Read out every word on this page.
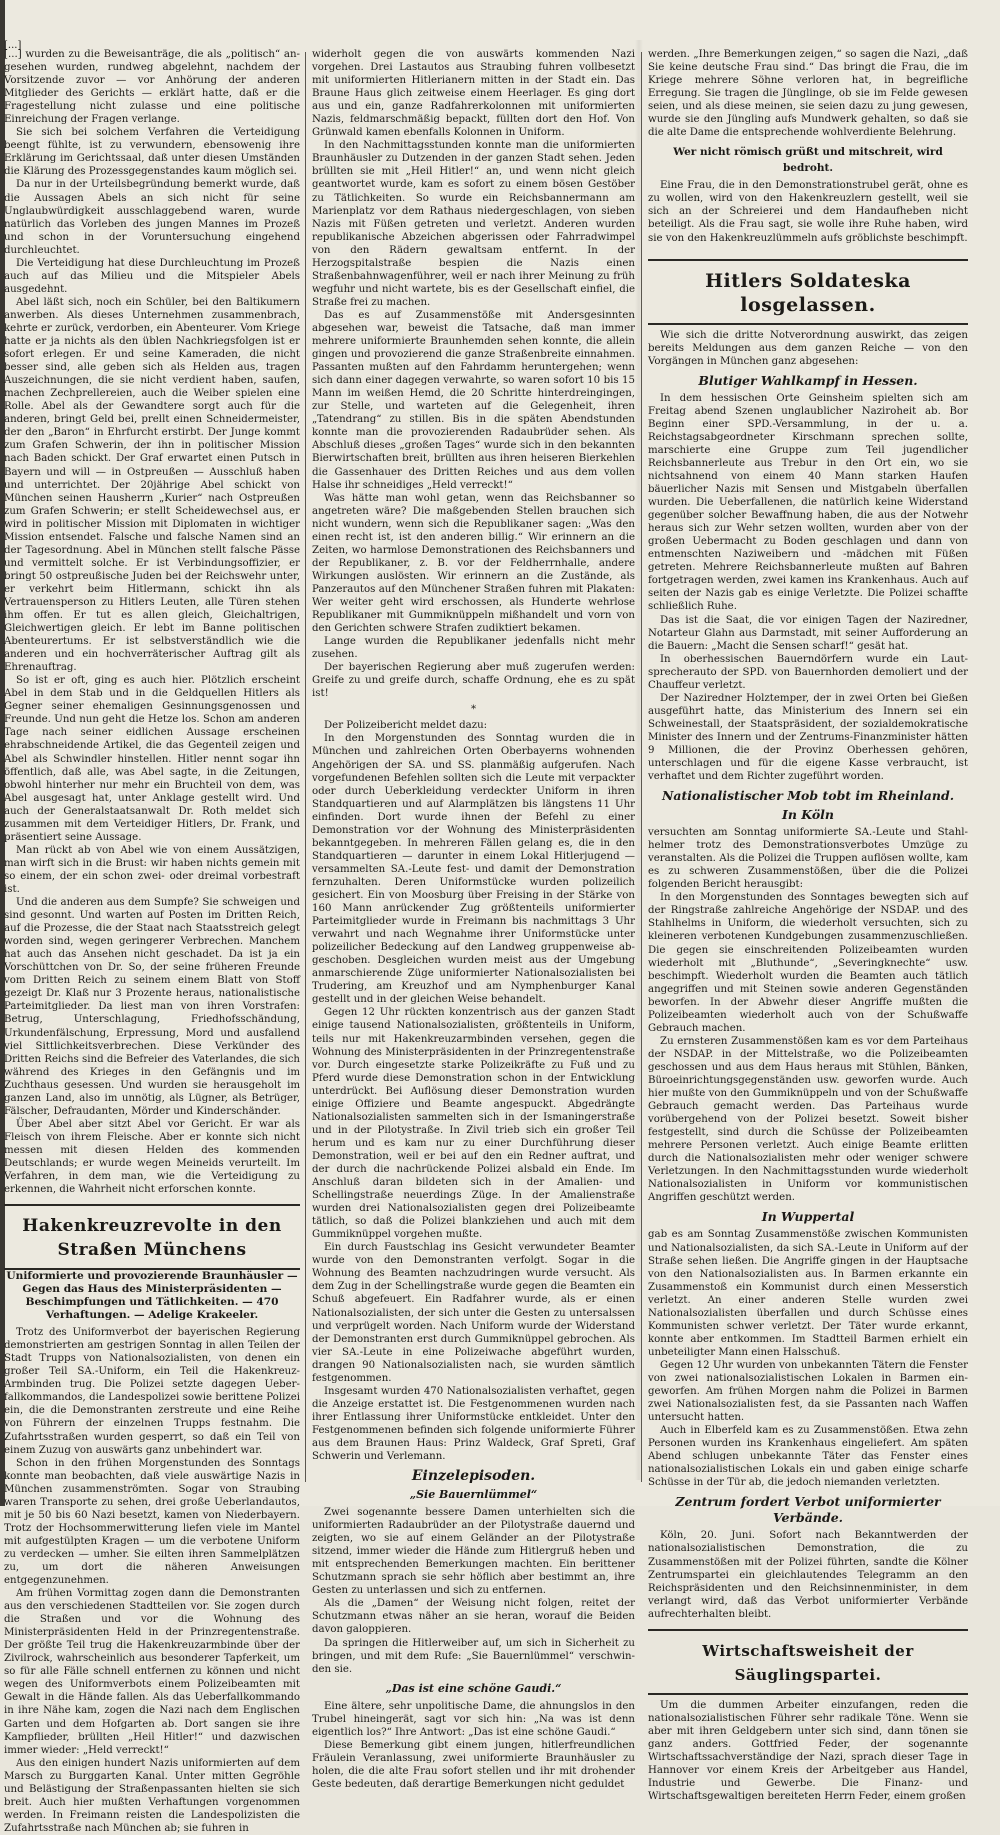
[...] wurden zu die Beweisanträge, die als „politisch“ angesehen wurden, rundweg abgelehnt, nachdem der Vorsitzende zuvor — vor Anhörung der anderen Mitglieder des Gerichts — erklärt hatte, daß er die Fragestellung nicht zulasse und eine politische Einreichung der Fragen verlange.

Sie sich bei solchem Verfahren die Verteidigung beengt fühlte, ist zu verwundern, ebensowenig ihre Erklärung im Gerichtssaal, daß unter diesen Umständen die Klärung des Prozessgegenstandes kaum möglich sei.

Da nur in der Urteilsbegründung bemerkt wurde, daß die Aussagen Abels an sich nicht für seine Unglaubwürdigkeit ausschlaggebend waren, wurde natürlich das Vorleben des jungen Mannes im Prozeß und schon in der Voruntersuchung eingehend durchleuchtet.

Die Verteidigung hat diese Durchleuchtung im Prozeß auch auf das Milieu und die Mitspieler Abels ausgedehnt.

Abel läßt sich, noch ein Schüler, bei den Baltikumern anwerben. Als dieses Unternehmen zusammenbrach, kehrte er zurück, verdorben, ein Abenteurer. Vom Kriege hatte er ja nichts als den üblen Nachkriegsfolgen ist er sofort erlegen. Er und seine Kameraden, die nicht besser sind, alle geben sich als Helden aus, tragen Auszeichnungen, die sie nicht verdient haben, saufen, machen Zechprellereien, auch die Weiber spielen eine Rolle. Abel als der Gewandtere sorgt auch für die anderen, bringt Geld bei, prellt einen Schneidermeister, der den „Baron“ in Ehrfurcht erstirbt. Der Junge kommt zum Grafen Schwerin, der ihn in politischer Mission nach Baden schickt. Der Graf erwartet einen Putsch in Bayern und will — in Ostpreußen — Ausschluß haben und unterrichtet. Der 20jährige Abel schickt von München seinen Hausherrn „Kurier“ nach Ostpreußen zum Grafen Schwerin; er stellt Scheidewechsel aus, er wird in politischer Mission mit Diplomaten in wichtiger Mission entsendet. Falsche und falsche Namen sind an der Tagesordnung. Abel in München stellt falsche Pässe und vermittelt solche. Er ist Verbindungsoffizier, er bringt 50 ostpreußische Juden bei der Reichswehr unter, er verkehrt beim Hitlermann, schickt ihn als Vertrauensperson zu Hitlers Leuten, alle Türen stehen ihm offen. Er tut es allen gleich, Gleichaltrigen, Gleichwertigen gleich. Er lebt im Banne politischen Abenteurertums. Er ist selbstverständlich wie die anderen und ein hochverräterischer Auftrag gilt als Ehrenauftrag.

So ist er oft, ging es auch hier. Plötzlich erscheint Abel in dem Stab und in die Geldquellen Hitlers als Gegner seiner ehemaligen Gesinnungsgenossen und Freunde. Und nun geht die Hetze los. Schon am anderen Tage nach seiner eidlichen Aussage erscheinen ehrabschneidende Artikel, die das Gegenteil zeigen und Abel als Schwindler hinstellen. Hitler nennt sogar ihn öffentlich, daß alle, was Abel sagte, in die Zeitungen, obwohl hinterher nur mehr ein Bruchteil von dem, was Abel ausgesagt hat, unter Anklage gestellt wird. Und auch der Generalstaatsanwalt Dr. Roth meldet sich zusammen mit dem Verteidiger Hitlers, Dr. Frank, und präsentiert seine Aussage.

Man rückt ab von Abel wie von einem Aussätzigen, man wirft sich in die Brust: wir haben nichts gemein mit so einem, der ein schon zwei- oder dreimal vorbestraft ist.

Und die anderen aus dem Sumpfe? Sie schweigen und sind gesonnt. Und warten auf Posten im Dritten Reich, auf die Prozesse, die der Staat nach Staatsstreich gelegt worden sind, wegen geringerer Verbrechen. Manchem hat auch das Ansehen nicht geschadet. Da ist ja ein Vorschüttchen von Dr. So, der seine früheren Freunde vom Dritten Reich zu seinem einem Blatt von Stoff gezeigt Dr. Klaß nur 3 Prozente heraus, nationalistische Parteimitglieder. Da liest man von ihren Vorstrafen: Betrug, Unterschlagung, Friedhofsschändung, Urkundenfälschung, Erpressung, Mord und ausfallend viel Sittlichkeitsverbrechen. Diese Verkünder des Dritten Reichs sind die Befreier des Vaterlandes, die sich während des Krieges in den Gefängnis und im Zuchthaus gesessen. Und wurden sie herausgeholt im ganzen Land, also im unnötig, als Lügner, als Betrüger, Fälscher, Defraudanten, Mörder und Kinderschänder.

Über Abel aber sitzt Abel vor Gericht. Er war als Fleisch von ihrem Fleische. Aber er konnte sich nicht messen mit diesen Helden des kommenden Deutschlands; er wurde wegen Meineids verurteilt. Im Verfahren, in dem man, wie die Verteidigung zu erkennen, die Wahrheit nicht erforschen konnte.

Hakenkreuzrevolte in den Straßen Münchens
Uniformierte und provozierende Braunhäusler — Gegen das Haus des Ministerpräsidenten — Beschimpfungen und Tätlichkeiten. — 470 Verhaftungen. — Adelige Krakeeler.

Trotz des Uniformverbot der bayerischen Regierung demonstrierten am gestrigen Sonntag in allen Teilen der Stadt Trupps von Nationalsozialisten, von denen ein großer Teil SA.-Uniform, ein Teil die Hakenkreuz-Armbinden trug. Die Polizei setzte dagegen Ueberfallkommandos, die Landespolizei sowie berittene Polizei ein, die die Demonstranten zerstreute und eine Reihe von Führern der einzelnen Trupps festnahm. Die Zufahrtsstraßen wurden gesperrt, so daß ein Teil von einem Zuzug von auswärts ganz unbehindert war.

Schon in den frühen Morgenstunden des Sonntags konnte man beobachten, daß viele auswärtige Nazis in München zusammenströmten. Sogar von Straubing waren Transporte zu sehen, drei große Ueberlandautos, mit je 50 bis 60 Nazi besetzt, kamen von Niederbayern. Trotz der Hochsommerwitterung liefen viele im Mantel mit aufgestülpten Kragen — um die verbotene Uniform zu verdecken — umher. Sie eilten ihren Sammelplätzen zu, um dort die näheren Anweisungen entgegenzunehmen.

Am frühen Vormittag zogen dann die Demonstranten aus den verschiedenen Stadtteilen vor. Sie zogen durch die Straßen und vor die Wohnung des Ministerpräsidenten Held in der Prinzregentenstraße. Der größte Teil trug die Hakenkreuzarmbinde über der Zivilrock, wahrscheinlich aus besonderer Tapferkeit, um so für alle Fälle schnell entfernen zu können und nicht wegen des Uniformverbots einem Polizeibeamten mit Gewalt in die Hände fallen. Als das Ueberfallkommando in ihre Nähe kam, zogen die Nazi nach dem Englischen Garten und dem Hofgarten ab. Dort sangen sie ihre Kampflieder, brüllten „Heil Hitler!“ und dazwischen immer wieder: „Held verreckt!“

Aus den einigen hundert Nazis uniformierten auf dem Marsch zu Burggarten Kanal. Unter mitten Gegröhle und Belästigung der Straßenpassanten hielten sie sich breit. Auch hier mußten Verhaftungen vorgenommen werden. In Freimann reisten die Landespolizisten die Zufahrtsstraße nach München ab; sie fuhren in

widerholt gegen die von auswärts kommenden Nazi vorgehen. Drei Lastautos aus Straubing fuhren vollbesetzt mit uniformierten Hitlerianern mitten in der Stadt ein. Das Braune Haus glich zeitweise einem Heerlager. Es ging dort aus und ein, ganze Radfahrerkolonnen mit uniformierten Nazis, feldmarschmäßig bepackt, füllten dort den Hof. Von Grünwald kamen ebenfalls Kolonnen in Uniform.

In den Nachmittagsstunden konnte man die uniformierten Braunhäusler zu Dutzenden in der ganzen Stadt sehen. Jeden brüllten sie mit „Heil Hitler!“ an, und wenn nicht gleich geantwortet wurde, kam es sofort zu einem bösen Gestöber zu Tätlichkeiten. So wurde ein Reichsbannermann am Marienplatz vor dem Rathaus niedergeschlagen, von sieben Nazis mit Füßen getreten und verletzt. Anderen wurden republikanische Abzeichen abgerissen oder Fahrradwimpel von den Rädern gewaltsam entfernt. In der Herzogspitalstraße bespien die Nazis einen Straßenbahnwagenführer, weil er nach ihrer Meinung zu früh wegfuhr und nicht wartete, bis es der Gesellschaft einfiel, die Straße frei zu machen.

Das es auf Zusammenstöße mit Andersgesinnten abgesehen war, beweist die Tatsache, daß man immer mehrere uniformierte Braunhemden sehen konnte, die allein gingen und provozierend die ganze Straßenbreite einnahmen. Passanten mußten auf den Fahrdamm heruntergehen; wenn sich dann einer dagegen verwahrte, so waren sofort 10 bis 15 Mann im weißen Hemd, die 20 Schritte hinterdreingingen, zur Stelle, und warteten auf die Gelegenheit, ihren „Tatendrang“ zu stillen. Bis in die späten Abendstunden konnte man die provozierenden Radaubrüder sehen. Als Abschluß dieses „großen Tages“ wurde sich in den bekannten Bierwirtschaften breit, brüllten aus ihren heiseren Bierkehlen die Gassenhauer des Dritten Reiches und aus dem vollen Halse ihr schneidiges „Held verreckt!“

Was hätte man wohl getan, wenn das Reichsbanner so angetreten wäre? Die maßgebenden Stellen brauchen sich nicht wundern, wenn sich die Republikaner sagen: „Was den einen recht ist, ist den anderen billig.“ Wir erinnern an die Zeiten, wo harmlose Demonstrationen des Reichsbanners und der Republikaner, z. B. vor der Feldherrnhalle, andere Wirkungen auslösten. Wir erinnern an die Zustände, als Panzerautos auf den Münchener Straßen fuhren mit Plakaten: Wer weiter geht wird erschossen, als Hunderte wehrlose Republikaner mit Gummiknüppeln mißhandelt und vorn von den Gerichten schwere Strafen zudiktiert bekamen.

Lange wurden die Republikaner jedenfalls nicht mehr zusehen.

Der bayerischen Regierung aber muß zugerufen werden: Greife zu und greife durch, schaffe Ordnung, ehe es zu spät ist!

*

Der Polizeibericht meldet dazu:

In den Morgenstunden des Sonntag wurden die in München und zahlreichen Orten Oberbayerns wohnenden Angehörigen der SA. und SS. planmäßig aufgerufen. Nach vorgefundenen Befehlen sollten sich die Leute mit verpackter oder durch Ueberkleidung verdeckter Uniform in ihren Standquartieren und auf Alarmplätzen bis längstens 11 Uhr einfinden. Dort wurde ihnen der Befehl zu einer Demonstration vor der Wohnung des Ministerpräsidenten bekanntgegeben. In mehreren Fällen gelang es, die in den Standquartieren — darunter in einem Lokal Hitlerjugend — versammelten SA.-Leute fest- und damit der Demonstration fernzuhalten. Deren Uniformstücke wurden polizeilich gesichert. Ein von Moosburg über Freising in der Stärke von 160 Mann anrückender Zug größtenteils uniformierter Parteimitglieder wurde in Freimann bis nachmittags 3 Uhr verwahrt und nach Wegnahme ihrer Uniformstücke unter polizeilicher Bedeckung auf den Landweg gruppenweise abgeschoben. Desgleichen wurden meist aus der Umgebung anmarschierende Züge uniformierter Nationalsozialisten bei Trudering, am Kreuzhof und am Nymphenburger Kanal gestellt und in der gleichen Weise behandelt.

Gegen 12 Uhr rückten konzentrisch aus der ganzen Stadt einige tausend Nationalsozialisten, größtenteils in Uniform, teils nur mit Hakenkreuzarmbinden versehen, gegen die Wohnung des Ministerpräsidenten in der Prinzregentenstraße vor. Durch eingesetzte starke Polizeikräfte zu Fuß und zu Pferd wurde diese Demonstration schon in der Entwicklung unterdrückt. Bei Auflösung dieser Demonstration wurden einige Offiziere und Beamte angespuckt. Abgedrängte Nationalsozialisten sammelten sich in der Ismaningerstraße und in der Pilotystraße. In Zivil trieb sich ein großer Teil herum und es kam nur zu einer Durchführung dieser Demonstration, weil er bei auf den ein Redner auftrat, und der durch die nachrückende Polizei alsbald ein Ende. Im Anschluß daran bildeten sich in der Amalien- und Schellingstraße neuerdings Züge. In der Amalienstraße wurden drei Nationalsozialisten gegen drei Polizeibeamte tätlich, so daß die Polizei blankziehen und auch mit dem Gummiknüppel vorgehen mußte.

Ein durch Faustschlag ins Gesicht verwundeter Beamter wurde von den Demonstranten verfolgt. Sogar in die Wohnung des Beamten nachzudringen wurde versucht. Als dem Zug in der Schellingstraße wurde gegen die Beamten ein Schuß abgefeuert. Ein Radfahrer wurde, als er einen Nationalsozialisten, der sich unter die Gesten zu untersalssen und verprügelt worden. Nach Uniform wurde der Widerstand der Demonstranten erst durch Gummiknüppel gebrochen. Als vier SA.-Leute in eine Polizeiwache abgeführt wurden, drangen 90 Nationalsozialisten nach, sie wurden sämtlich festgenommen.

Insgesamt wurden 470 Nationalsozialisten verhaftet, gegen die Anzeige erstattet ist. Die Festgenommenen wurden nach ihrer Entlassung ihrer Uniformstücke entkleidet. Unter den Festgenommenen befinden sich folgende uniformierte Führer aus dem Braunen Haus: Prinz Waldeck, Graf Spreti, Graf Schwerin und Verlemann.

Einzelepisoden.
„Sie Bauernlümmel“

Zwei sogenannte bessere Damen unterhielten sich die uniformierten Radaubrüder an der Pilotystraße dauernd und zeigten, wo sie auf einem Geländer an der Pilotystraße sitzend, immer wieder die Hände zum Hitlergruß heben und mit entsprechenden Bemerkungen machten. Ein berittener Schutzmann sprach sie sehr höflich aber bestimmt an, ihre Gesten zu unterlassen und sich zu entfernen.

Als die „Damen“ der Weisung nicht folgen, reitet der Schutzmann etwas näher an sie heran, worauf die Beiden davon galoppieren.

Da springen die Hitlerweiber auf, um sich in Sicherheit zu bringen, und mit dem Rufe: „Sie Bauernlümmel“ verschwinden sie.

„Das ist eine schöne Gaudi.“

Eine ältere, sehr unpolitische Dame, die ahnungslos in den Trubel hineingerät, sagt vor sich hin: „Na was ist denn eigentlich los?“ Ihre Antwort: „Das ist eine schöne Gaudi.“

Diese Bemerkung gibt einem jungen, hitlerfreundlichen Fräulein Veranlassung, zwei uniformierte Braunhäusler zu holen, die die alte Frau sofort stellen und ihr mit drohender Geste bedeuten, daß derartige Bemerkungen nicht geduldet

werden. „Ihre Bemerkungen zeigen,“ so sagen die Nazi, „daß Sie keine deutsche Frau sind.“ Das bringt die Frau, die im Kriege mehrere Söhne verloren hat, in begreifliche Erregung. Sie tragen die Jünglinge, ob sie im Felde gewesen seien, und als diese meinen, sie seien dazu zu jung gewesen, wurde sie den Jüngling aufs Mundwerk gehalten, so daß sie die alte Dame die entsprechende wohlverdiente Belehrung.

Wer nicht römisch grüßt und mitschreit, wird bedroht.

Eine Frau, die in den Demonstrationstrubel gerät, ohne es zu wollen, wird von den Hakenkreuzlern gestellt, weil sie sich an der Schreierei und dem Handaufheben nicht beteiligt. Als die Frau sagt, sie wolle ihre Ruhe haben, wird sie von den Hakenkreuzlümmeln aufs gröblichste beschimpft.

Hitlers Soldateska losgelassen.

Wie sich die dritte Notverordnung auswirkt, das zeigen bereits Meldungen aus dem ganzen Reiche — von den Vorgängen in München ganz abgesehen:

Blutiger Wahlkampf in Hessen.

In dem hessischen Orte Geinsheim spielten sich am Freitag abend Szenen unglaublicher Naziroheit ab. Bor Beginn einer SPD.-Versammlung, in der u. a. Reichstagsabgeordneter Kirschmann sprechen sollte, marschierte eine Gruppe zum Teil jugendlicher Reichsbannerleute aus Trebur in den Ort ein, wo sie nichtsahnend von einem 40 Mann starken Haufen bäuerlicher Nazis mit Sensen und Mistgabeln überfallen wurden. Die Ueberfallenen, die natürlich keine Widerstand gegenüber solcher Bewaffnung haben, die aus der Notwehr heraus sich zur Wehr setzen wollten, wurden aber von der großen Uebermacht zu Boden geschlagen und dann von entmenschten Naziweibern und -mädchen mit Füßen getreten. Mehrere Reichsbannerleute mußten auf Bahren fortgetragen werden, zwei kamen ins Krankenhaus. Auch auf seiten der Nazis gab es einige Verletzte. Die Polizei schaffte schließlich Ruhe.

Das ist die Saat, die vor einigen Tagen der Naziredner, Notarteur Glahn aus Darmstadt, mit seiner Aufforderung an die Bauern: „Macht die Sensen scharf!“ gesät hat.

In oberhessischen Bauerndörfern wurde ein Lautsprecherauto der SPD. von Bauernhorden demoliert und der Chauffeur verletzt.

Der Naziredner Holztemper, der in zwei Orten bei Gießen ausgeführt hatte, das Ministerium des Innern sei ein Schweinestall, der Staatspräsident, der sozialdemokratische Minister des Innern und der Zentrums-Finanzminister hätten 9 Millionen, die der Provinz Oberhessen gehören, unterschlagen und für die eigene Kasse verbraucht, ist verhaftet und dem Richter zugeführt worden.

Nationalistischer Mob tobt im Rheinland.
In Köln

versuchten am Sonntag uniformierte SA.-Leute und Stahlhelmer trotz des Demonstrationsverbotes Umzüge zu veranstalten. Als die Polizei die Truppen auflösen wollte, kam es zu schweren Zusammenstößen, über die die Polizei folgenden Bericht herausgibt:

In den Morgenstunden des Sonntages bewegten sich auf der Ringstraße zahlreiche Angehörige der NSDAP. und des Stahlhelms in Uniform, die wiederholt versuchten, sich zu kleineren verbotenen Kundgebungen zusammenzuschließen. Die gegen sie einschreitenden Polizeibeamten wurden wiederholt mit „Bluthunde“, „Severingknechte“ usw. beschimpft. Wiederholt wurden die Beamten auch tätlich angegriffen und mit Steinen sowie anderen Gegenständen beworfen. In der Abwehr dieser Angriffe mußten die Polizeibeamten wiederholt auch von der Schußwaffe Gebrauch machen.

Zu ernsteren Zusammenstößen kam es vor dem Parteihaus der NSDAP. in der Mittelstraße, wo die Polizeibeamten geschossen und aus dem Haus heraus mit Stühlen, Bänken, Büroeinrichtungsgegenständen usw. geworfen wurde. Auch hier mußte von den Gummiknüppeln und von der Schußwaffe Gebrauch gemacht werden. Das Parteihaus wurde vorübergehend von der Polizei besetzt. Soweit bisher festgestellt, sind durch die Schüsse der Polizeibeamten mehrere Personen verletzt. Auch einige Beamte erlitten durch die Nationalsozialisten mehr oder weniger schwere Verletzungen. In den Nachmittagsstunden wurde wiederholt Nationalsozialisten in Uniform vor kommunistischen Angriffen geschützt werden.

In Wuppertal

gab es am Sonntag Zusammenstöße zwischen Kommunisten und Nationalsozialisten, da sich SA.-Leute in Uniform auf der Straße sehen ließen. Die Angriffe gingen in der Hauptsache von den Nationalsozialisten aus. In Barmen erkannte ein Zusammenstoß ein Kommunist durch einen Messerstich verletzt. An einer anderen Stelle wurden zwei Nationalsozialisten überfallen und durch Schüsse eines Kommunisten schwer verletzt. Der Täter wurde erkannt, konnte aber entkommen. Im Stadtteil Barmen erhielt ein unbeteiligter Mann einen Halsschuß.

Gegen 12 Uhr wurden von unbekannten Tätern die Fenster von zwei nationalsozialistischen Lokalen in Barmen eingeworfen. Am frühen Morgen nahm die Polizei in Barmen zwei Nationalsozialisten fest, da sie Passanten nach Waffen untersucht hatten.

Auch in Elberfeld kam es zu Zusammenstößen. Etwa zehn Personen wurden ins Krankenhaus eingeliefert. Am späten Abend schlugen unbekannte Täter das Fenster eines nationalsozialistischen Lokals ein und gaben einige scharfe Schüsse in der Tür ab, die jedoch niemanden verletzten.

Zentrum fordert Verbot uniformierter Verbände.

Köln, 20. Juni. Sofort nach Bekanntwerden der nationalsozialistischen Demonstration, die zu Zusammenstößen mit der Polizei führten, sandte die Kölner Zentrumspartei ein gleichlautendes Telegramm an den Reichspräsidenten und den Reichsinnenminister, in dem verlangt wird, daß das Verbot uniformierter Verbände aufrechterhalten bleibt.

Wirtschaftsweisheit der Säuglingspartei.

Um die dummen Arbeiter einzufangen, reden die nationalsozialistischen Führer sehr radikale Töne. Wenn sie aber mit ihren Geldgebern unter sich sind, dann tönen sie ganz anders. Gottfried Feder, der sogenannte Wirtschaftssachverständige der Nazi, sprach dieser Tage in Hannover vor einem Kreis der Arbeitgeber aus Handel, Industrie und Gewerbe. Die Finanz- und Wirtschaftsgewaltigen bereiteten Herrn Feder, einem großen

[...]
